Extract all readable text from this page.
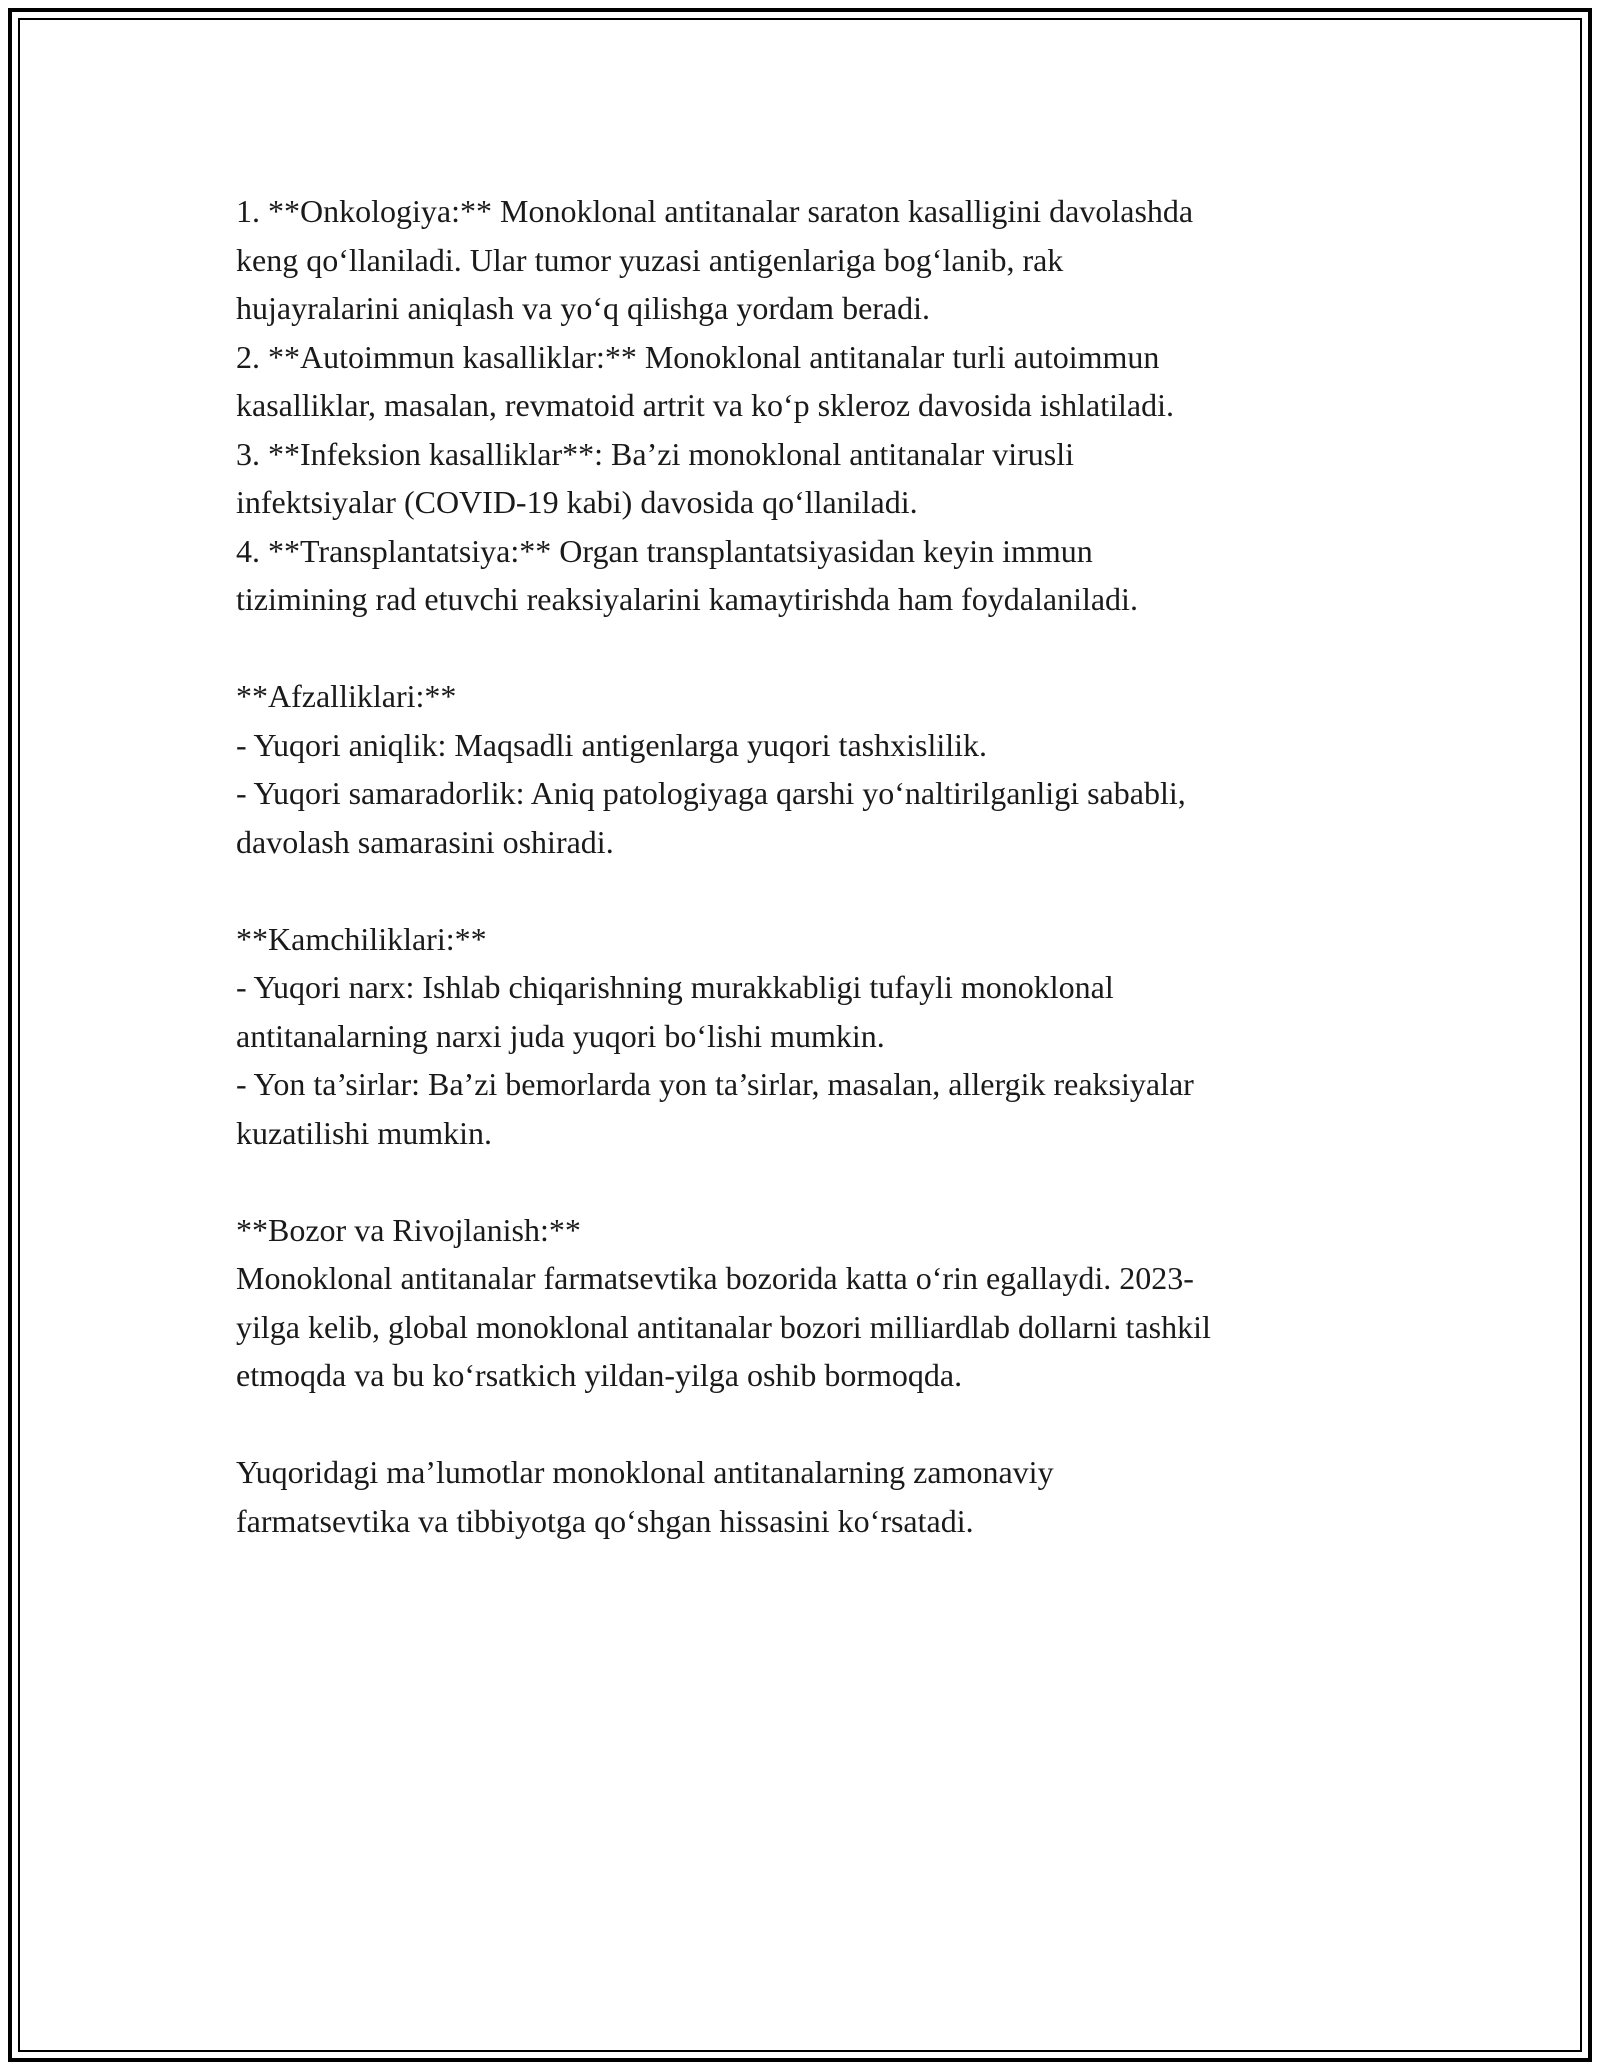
1. **Onkologiya:** Monoklonal antitanalar saraton kasalligini davolashda
keng qo‘llaniladi. Ular tumor yuzasi antigenlariga bog‘lanib, rak
hujayralarini aniqlash va yo‘q qilishga yordam beradi.
2. **Autoimmun kasalliklar:** Monoklonal antitanalar turli autoimmun
kasalliklar, masalan, revmatoid artrit va ko‘p skleroz davosida ishlatiladi.
3. **Infeksion kasalliklar**: Ba’zi monoklonal antitanalar virusli
infektsiyalar (COVID-19 kabi) davosida qo‘llaniladi.
4. **Transplantatsiya:** Organ transplantatsiyasidan keyin immun
tizimining rad etuvchi reaksiyalarini kamaytirishda ham foydalaniladi.
**Afzalliklari:**
- Yuqori aniqlik: Maqsadli antigenlarga yuqori tashxislilik.
- Yuqori samaradorlik: Aniq patologiyaga qarshi yo‘naltirilganligi sababli,
davolash samarasini oshiradi.
**Kamchiliklari:**
- Yuqori narx: Ishlab chiqarishning murakkabligi tufayli monoklonal
antitanalarning narxi juda yuqori bo‘lishi mumkin.
- Yon ta’sirlar: Ba’zi bemorlarda yon ta’sirlar, masalan, allergik reaksiyalar
kuzatilishi mumkin.
**Bozor va Rivojlanish:**
Monoklonal antitanalar farmatsevtika bozorida katta o‘rin egallaydi. 2023-
yilga kelib, global monoklonal antitanalar bozori milliardlab dollarni tashkil
etmoqda va bu ko‘rsatkich yildan-yilga oshib bormoqda.
Yuqoridagi ma’lumotlar monoklonal antitanalarning zamonaviy
farmatsevtika va tibbiyotga qo‘shgan hissasini ko‘rsatadi.
